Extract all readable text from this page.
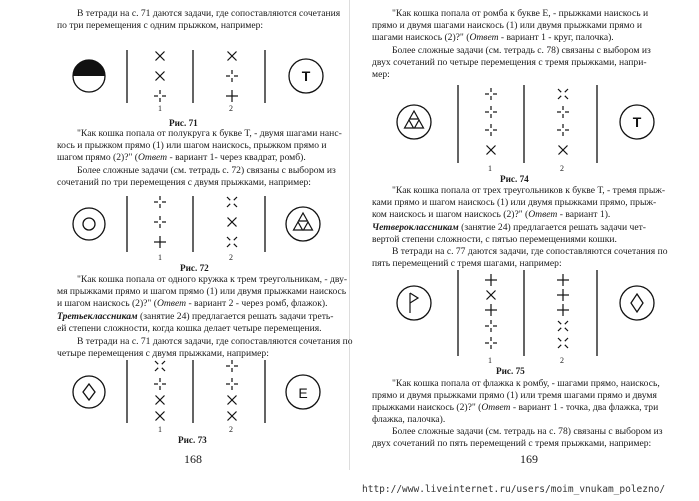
В тетради на с. 71 даются задачи, где сопоставляются сочетания
по три перемещения с одним прыжком, например:
Рис. 71
"Как кошка попала от полукруга к букве Т, - двумя шагами нанс-
кось и прыжком прямо (1) или шагом наискось, прыжком прямо и
шагом прямо (2)?" (Ответ - вариант 1- через квадрат, ромб).
Более сложные задачи (см. тетрадь с. 72) связаны с выбором из
сочетаний по три перемещения с двумя прыжками, например:
Рис. 72
"Как кошка попала от одного кружка к трем треугольникам, - дву-
мя прыжками прямо и шагом прямо (1) или двумя прыжками наискось
и шагом наискось (2)?" (Ответ - вариант 2 - через ромб, флажок).
Третьеклассникам (занятие 24) предлагается решать задачи треть-
ей степени сложности, когда кошка делает четыре перемещения.
В тетради на с. 71 даются задачи, где сопоставляются сочетания по
четыре перемещения с двумя прыжками, например:
Рис. 73
168
"Как кошка попала от ромба к букве Е, - прыжками наискось и
прямо и двумя шагами наискось (1) или двумя прыжками прямо и
шагами наискось (2)?" (Ответ - вариант 1 - круг, палочка).
Более сложные задачи (см. тетрадь с. 78) связаны с выбором из
двух сочетаний по четыре перемещения с тремя прыжками, напри-
мер:
Рис. 74
"Как кошка попала от трех треугольников к букве Т, - тремя прыж-
ками прямо и шагом наискось (1) или двумя прыжками прямо, прыж-
ком наискось и шагом наискось (2)?" (Ответ - вариант 1).
Четвероклассникам (занятие 24) предлагается решать задачи чет-
вертой степени сложности, с пятью перемещениями кошки.
В тетради на с. 77 даются задачи, где сопоставляются сочетания по
пять перемещений с тремя шагами, например:
Рис. 75
"Как кошка попала от флажка к ромбу, - шагами прямо, наискось,
прямо и двумя прыжками прямо (1) или тремя шагами прямо и двумя
прыжками наискось (2)?" (Ответ - вариант 1 - точка, два флажка, три
флажка, палочка).
Более сложные задачи (см. тетрадь на с. 78) связаны с выбором из
двух сочетаний по пять перемещений с тремя прыжками, например:
169
1	2
1	2
1	2
1	2
1	2
http://www.liveinternet.ru/users/moim_vnukam_polezno/
Т
Е
Т
